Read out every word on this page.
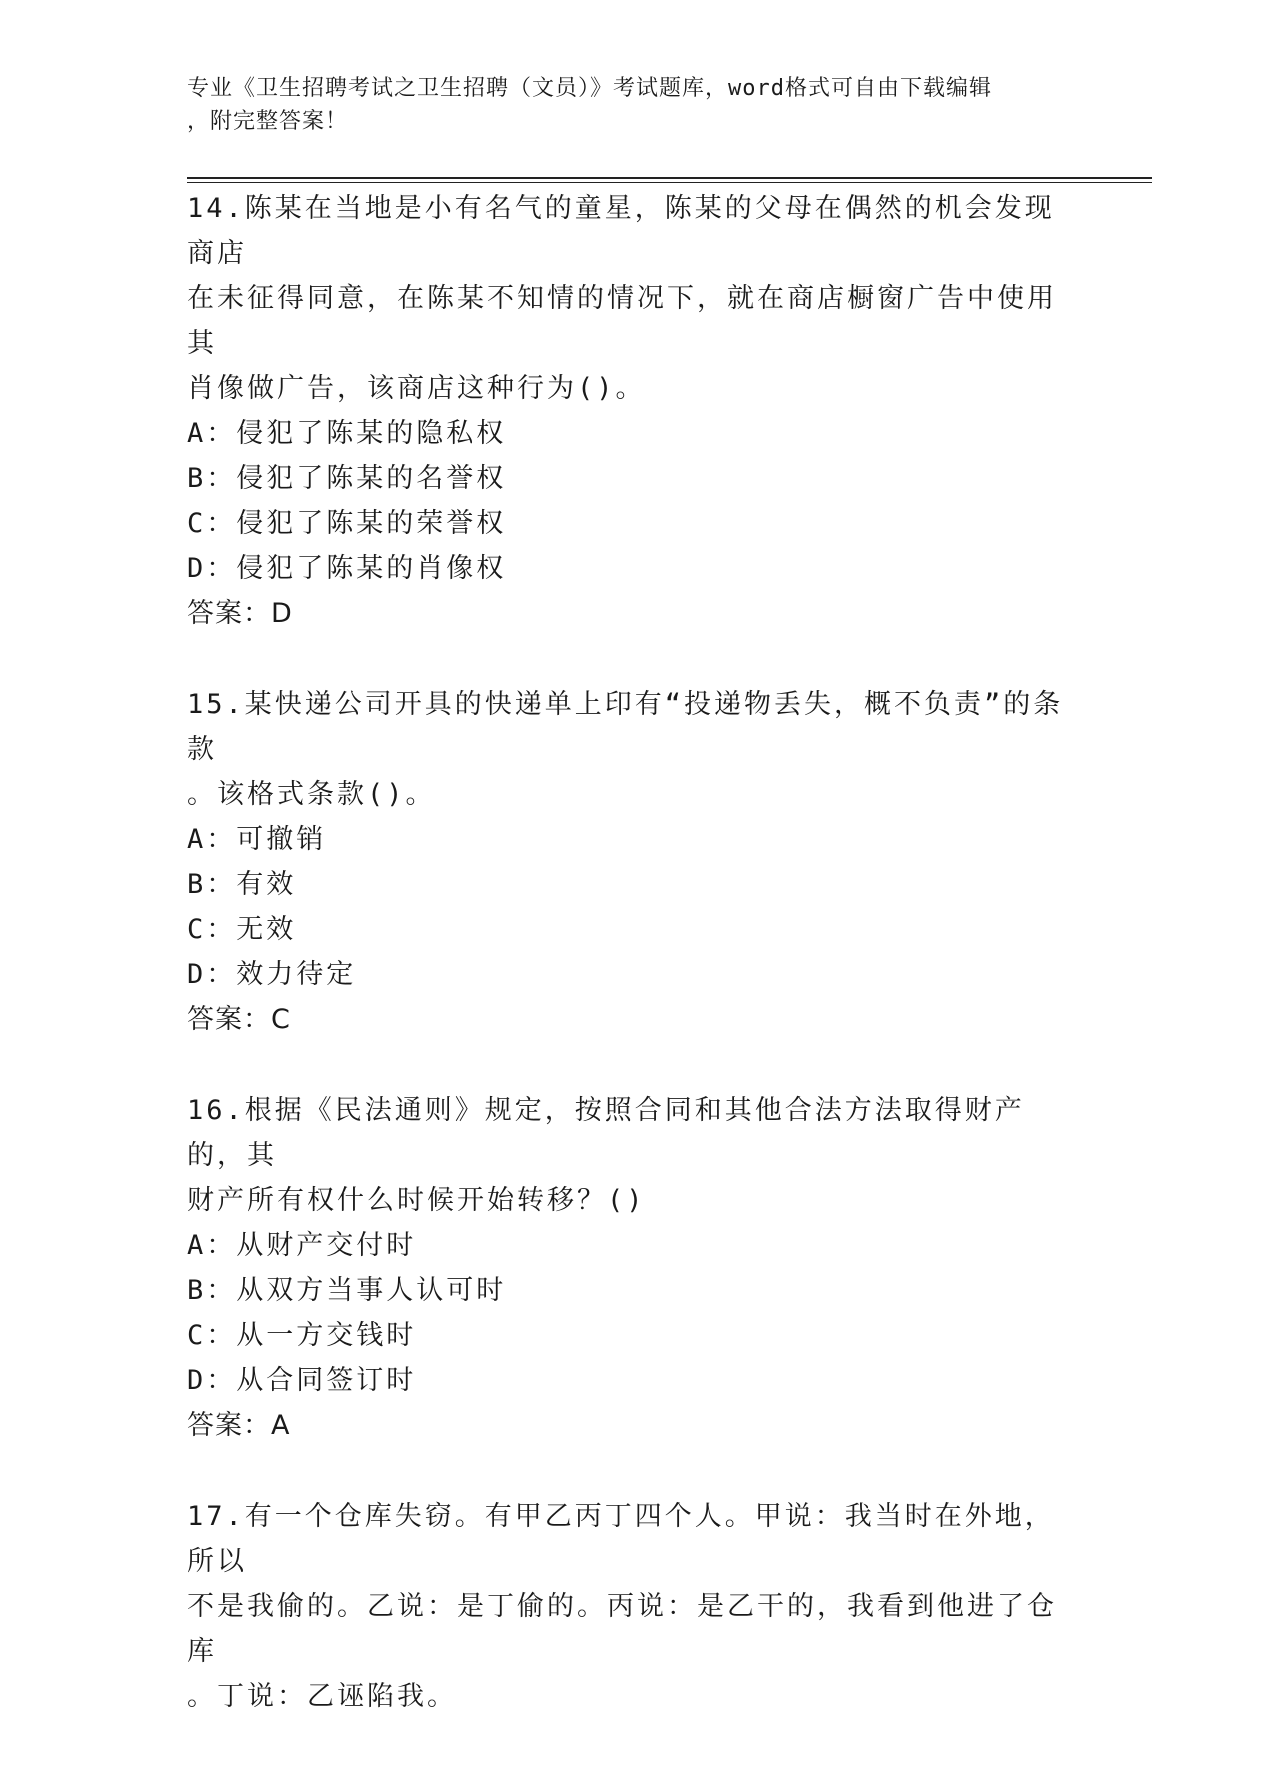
专业《卫生招聘考试之卫生招聘（文员）》考试题库，word格式可自由下载编辑
，附完整答案！

14.陈某在当地是小有名气的童星，陈某的父母在偶然的机会发现商店

在未征得同意，在陈某不知情的情况下，就在商店橱窗广告中使用其

肖像做广告，该商店这种行为()。

A：侵犯了陈某的隐私权

B：侵犯了陈某的名誉权

C：侵犯了陈某的荣誉权

D：侵犯了陈某的肖像权

答案：D

15.某快递公司开具的快递单上印有“投递物丢失，概不负责”的条款

。该格式条款()。

A：可撤销

B：有效

C：无效

D：效力待定

答案：C

16.根据《民法通则》规定，按照合同和其他合法方法取得财产的，其

财产所有权什么时候开始转移？()

A：从财产交付时

B：从双方当事人认可时

C：从一方交钱时

D：从合同签订时

答案：A

17.有一个仓库失窃。有甲乙丙丁四个人。甲说：我当时在外地，所以

不是我偷的。乙说：是丁偷的。丙说：是乙干的，我看到他进了仓库

。丁说：乙诬陷我。
